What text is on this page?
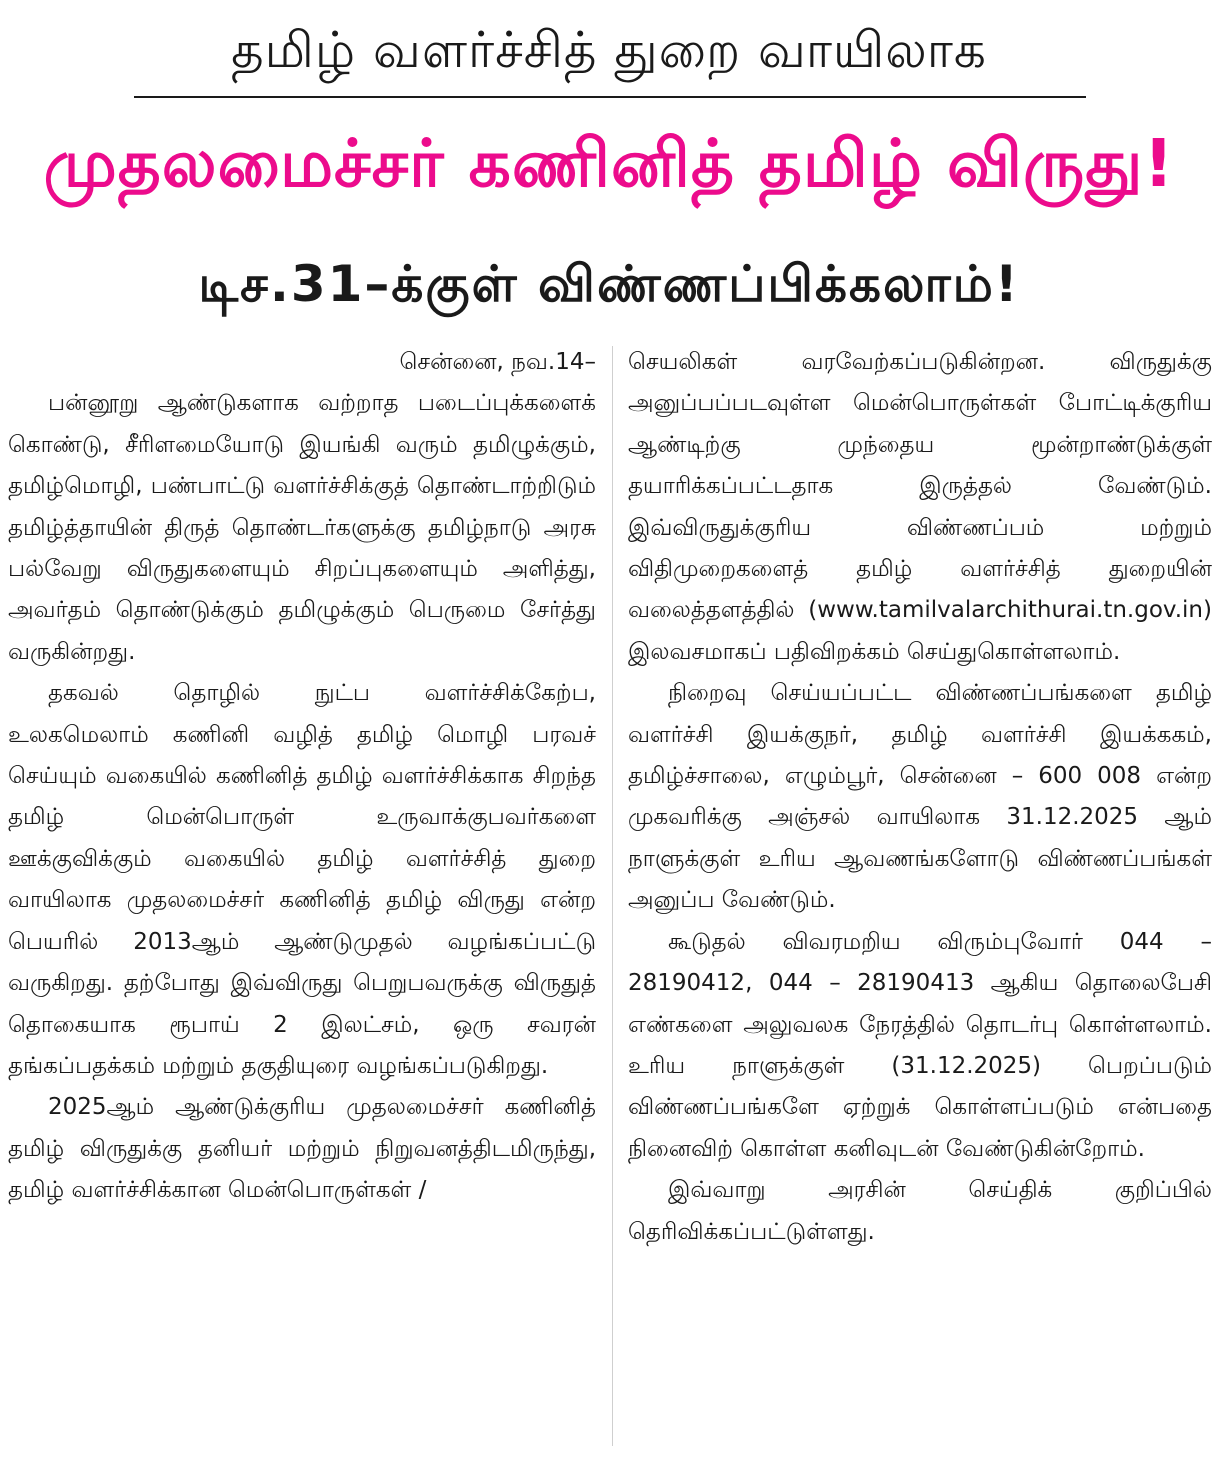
தமிழ் வளர்ச்சித் துறை வாயிலாக
முதலமைச்சர் கணினித் தமிழ் விருது!
டிச.31–க்குள் விண்ணப்பிக்கலாம்!

சென்னை, நவ.14–

பன்னூறு ஆண்டுகளாக வற்றாத படைப்புக்களைக் கொண்டு, சீரிளமையோடு இயங்கி வரும் தமிழுக்கும், தமிழ்மொழி, பண்பாட்டு வளர்ச்சிக்குத் தொண்டாற்றிடும் தமிழ்த்தாயின் திருத் தொண்டர்களுக்கு தமிழ்நாடு அரசு பல்வேறு விருதுகளையும் சிறப்புகளையும் அளித்து, அவர்தம் தொண்டுக்கும் தமிழுக்கும் பெருமை சேர்த்து வருகின்றது.

தகவல் தொழில் நுட்ப வளர்ச்சிக்கேற்ப, உலகமெலாம் கணினி வழித் தமிழ் மொழி பரவச் செய்யும் வகையில் கணினித் தமிழ் வளர்ச்சிக்காக சிறந்த தமிழ் மென்பொருள் உருவாக்குபவர்களை ஊக்குவிக்கும் வகையில் தமிழ் வளர்ச்சித் துறை வாயிலாக முதலமைச்சர் கணினித் தமிழ் விருது என்ற பெயரில் 2013ஆம் ஆண்டுமுதல் வழங்கப்பட்டு வருகிறது. தற்போது இவ்விருது பெறுபவருக்கு விருதுத் தொகையாக ரூபாய் 2 இலட்சம், ஒரு சவரன் தங்கப்பதக்கம் மற்றும் தகுதியுரை வழங்கப்படுகிறது.

2025ஆம் ஆண்டுக்குரிய முதலமைச்சர் கணினித் தமிழ் விருதுக்கு தனியர் மற்றும் நிறுவனத்திடமிருந்து, தமிழ் வளர்ச்சிக்கான மென்பொருள்கள் /

செயலிகள் வரவேற்கப்படுகின்றன. விருதுக்கு அனுப்பப்படவுள்ள மென்பொருள்கள் போட்டிக்குரிய ஆண்டிற்கு முந்தைய மூன்றாண்டுக்குள் தயாரிக்கப்பட்டதாக இருத்தல் வேண்டும். இவ்விருதுக்குரிய விண்ணப்பம் மற்றும் விதிமுறைகளைத் தமிழ் வளர்ச்சித் துறையின் வலைத்தளத்தில் (www.tamilvalarchithurai.tn.gov.in) இலவசமாகப் பதிவிறக்கம் செய்துகொள்ளலாம்.

நிறைவு செய்யப்பட்ட விண்ணப்பங்களை தமிழ் வளர்ச்சி இயக்குநர், தமிழ் வளர்ச்சி இயக்ககம், தமிழ்ச்சாலை, எழும்பூர், சென்னை – 600 008 என்ற முகவரிக்கு அஞ்சல் வாயிலாக 31.12.2025 ஆம் நாளுக்குள் உரிய ஆவணங்களோடு விண்ணப்பங்கள் அனுப்ப வேண்டும்.

கூடுதல் விவரமறிய விரும்புவோர் 044 – 28190412, 044 – 28190413 ஆகிய தொலைபேசி எண்களை அலுவலக நேரத்தில் தொடர்பு கொள்ளலாம். உரிய நாளுக்குள் (31.12.2025) பெறப்படும் விண்ணப்பங்களே ஏற்றுக் கொள்ளப்படும் என்பதை நினைவிற் கொள்ள கனிவுடன் வேண்டுகின்றோம்.

இவ்வாறு அரசின் செய்திக் குறிப்பில் தெரிவிக்கப்பட்டுள்ளது.
